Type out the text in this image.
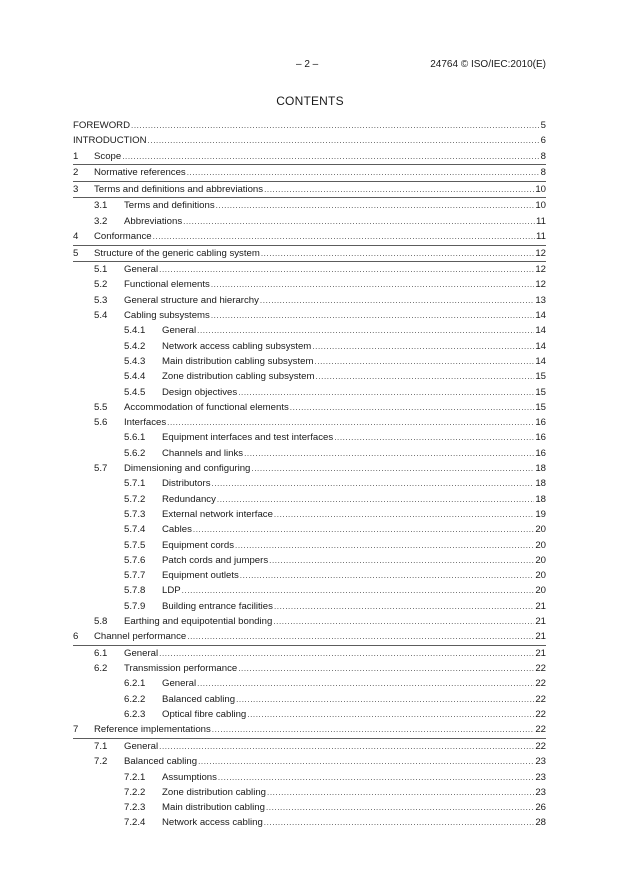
– 2 –	24764 © ISO/IEC:2010(E)
CONTENTS
FOREWORD .....	5
INTRODUCTION .....	6
1	Scope .....	8
2	Normative references .....	8
3	Terms and definitions and abbreviations .....	10
3.1	Terms and definitions .....	10
3.2	Abbreviations .....	11
4	Conformance .....	11
5	Structure of the generic cabling system .....	12
5.1	General .....	12
5.2	Functional elements .....	12
5.3	General structure and hierarchy .....	13
5.4	Cabling subsystems .....	14
5.4.1	General .....	14
5.4.2	Network access cabling subsystem .....	14
5.4.3	Main distribution cabling subsystem .....	14
5.4.4	Zone distribution cabling subsystem .....	15
5.4.5	Design objectives .....	15
5.5	Accommodation of functional elements .....	15
5.6	Interfaces .....	16
5.6.1	Equipment interfaces and test interfaces .....	16
5.6.2	Channels and links .....	16
5.7	Dimensioning and configuring .....	18
5.7.1	Distributors .....	18
5.7.2	Redundancy .....	18
5.7.3	External network interface .....	19
5.7.4	Cables .....	20
5.7.5	Equipment cords .....	20
5.7.6	Patch cords and jumpers .....	20
5.7.7	Equipment outlets .....	20
5.7.8	LDP .....	20
5.7.9	Building entrance facilities .....	21
5.8	Earthing and equipotential bonding .....	21
6	Channel performance .....	21
6.1	General .....	21
6.2	Transmission performance .....	22
6.2.1	General .....	22
6.2.2	Balanced cabling .....	22
6.2.3	Optical fibre cabling .....	22
7	Reference implementations .....	22
7.1	General .....	22
7.2	Balanced cabling .....	23
7.2.1	Assumptions .....	23
7.2.2	Zone distribution cabling .....	23
7.2.3	Main distribution cabling .....	26
7.2.4	Network access cabling .....	28
